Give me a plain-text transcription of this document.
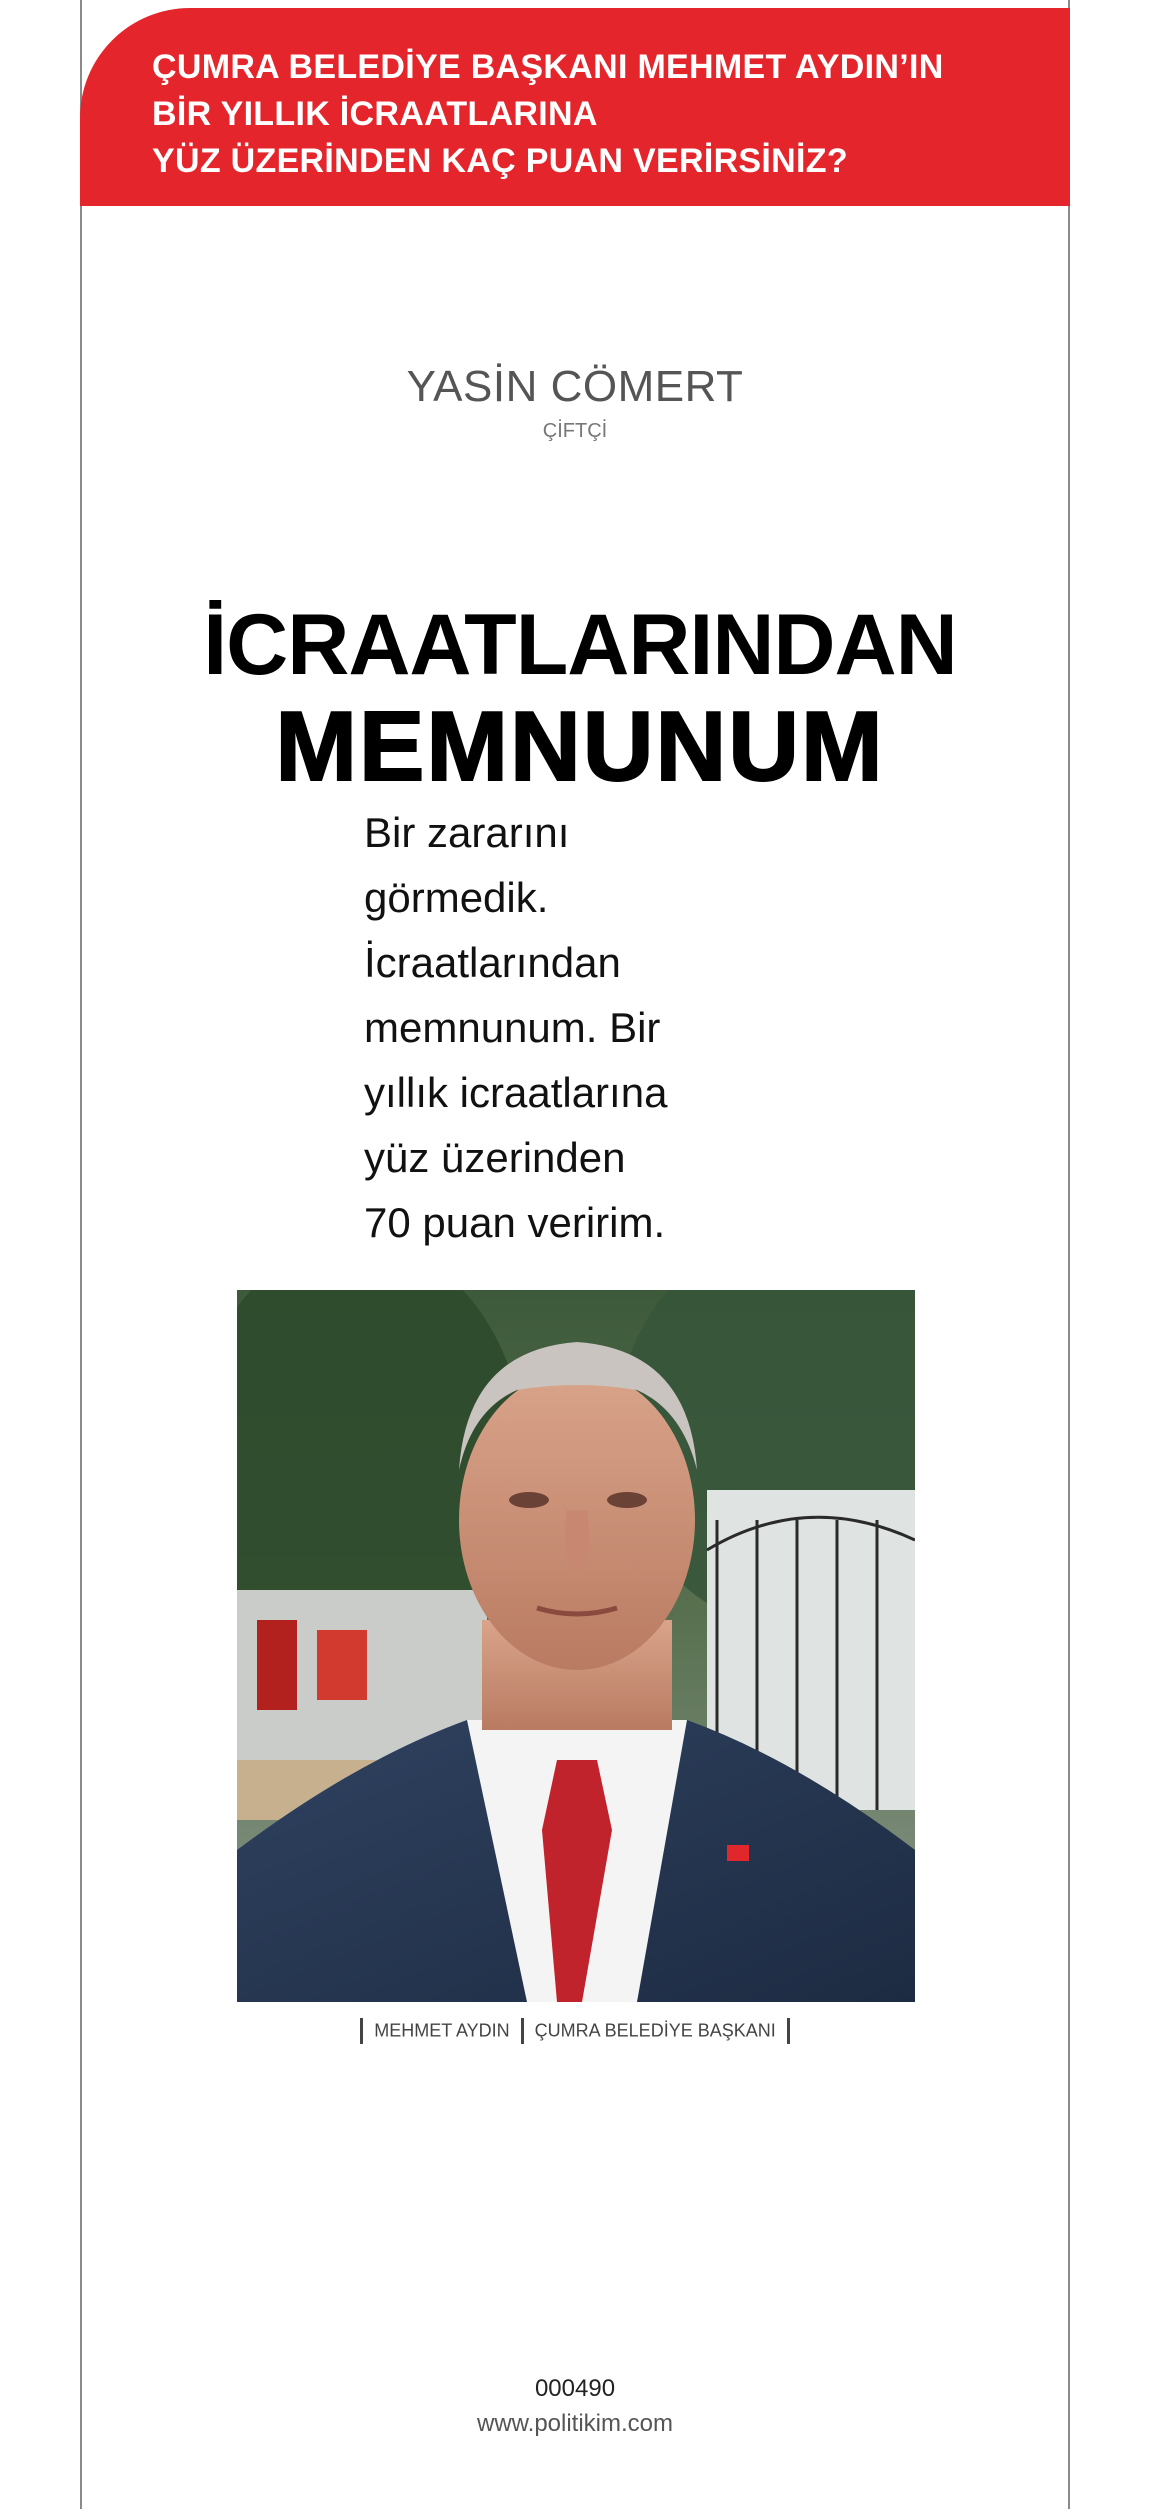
ÇUMRA BELEDİYE BAŞKANI MEHMET AYDIN’IN
BİR YILLIK İCRAATLARINA
YÜZ ÜZERİNDEN KAÇ PUAN VERİRSİNİZ?
YASİN CÖMERT
ÇİFTÇİ
İCRAATLARINDAN
MEMNUNUM
Bir zararını
görmedik.
İcraatlarından
memnunum. Bir
yıllık icraatlarına
yüz üzerinden
70 puan veririm.
MEHMET AYDIN ÇUMRA BELEDİYE BAŞKANI
000490
www.politikim.com
